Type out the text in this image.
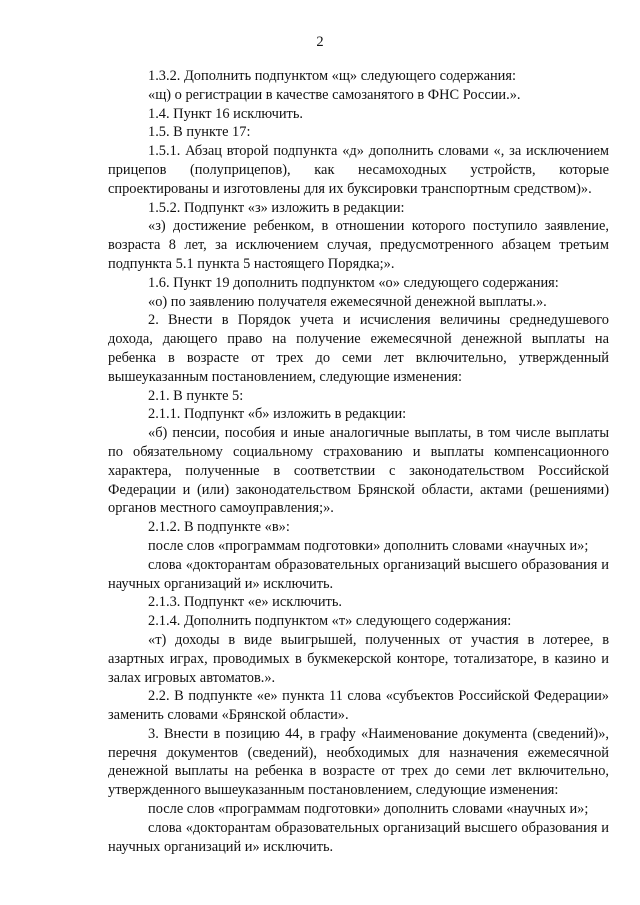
2

1.3.2. Дополнить подпунктом «щ» следующего содержания:

«щ) о регистрации в качестве самозанятого в ФНС России.».

1.4. Пункт 16 исключить.

1.5. В пункте 17:

1.5.1. Абзац второй подпункта «д» дополнить словами «, за исключением прицепов (полуприцепов), как несамоходных устройств, которые спроектированы и изготовлены для их буксировки транспортным средством)».

1.5.2. Подпункт «з» изложить в редакции:

«з) достижение ребенком, в отношении которого поступило заявление, возраста 8 лет, за исключением случая, предусмотренного абзацем третьим подпункта 5.1 пункта 5 настоящего Порядка;».

1.6. Пункт 19 дополнить подпунктом «о» следующего содержания:

«о) по заявлению получателя ежемесячной денежной выплаты.».

2. Внести в Порядок учета и исчисления величины среднедушевого дохода, дающего право на получение ежемесячной денежной выплаты на ребенка в возрасте от трех до семи лет включительно, утвержденный вышеуказанным постановлением, следующие изменения:

2.1. В пункте 5:

2.1.1. Подпункт «б» изложить в редакции:

«б) пенсии, пособия и иные аналогичные выплаты, в том числе выплаты по обязательному социальному страхованию и выплаты компенсационного характера, полученные в соответствии с законодательством Российской Федерации и (или) законодательством Брянской области, актами (решениями) органов местного самоуправления;».

2.1.2. В подпункте «в»:

после слов «программам подготовки» дополнить словами «научных и»;

слова «докторантам образовательных организаций высшего образования и научных организаций и» исключить.

2.1.3. Подпункт «е» исключить.

2.1.4. Дополнить подпунктом «т» следующего содержания:

«т) доходы в виде выигрышей, полученных от участия в лотерее, в азартных играх, проводимых в букмекерской конторе, тотализаторе, в казино и залах игровых автоматов.».

2.2. В подпункте «е» пункта 11 слова «субъектов Российской Федерации» заменить словами «Брянской области».

3. Внести в позицию 44, в графу «Наименование документа (сведений)», перечня документов (сведений), необходимых для назначения ежемесячной денежной выплаты на ребенка в возрасте от трех до семи лет включительно, утвержденного вышеуказанным постановлением, следующие изменения:

после слов «программам подготовки» дополнить словами «научных и»;

слова «докторантам образовательных организаций высшего образования и научных организаций и» исключить.
